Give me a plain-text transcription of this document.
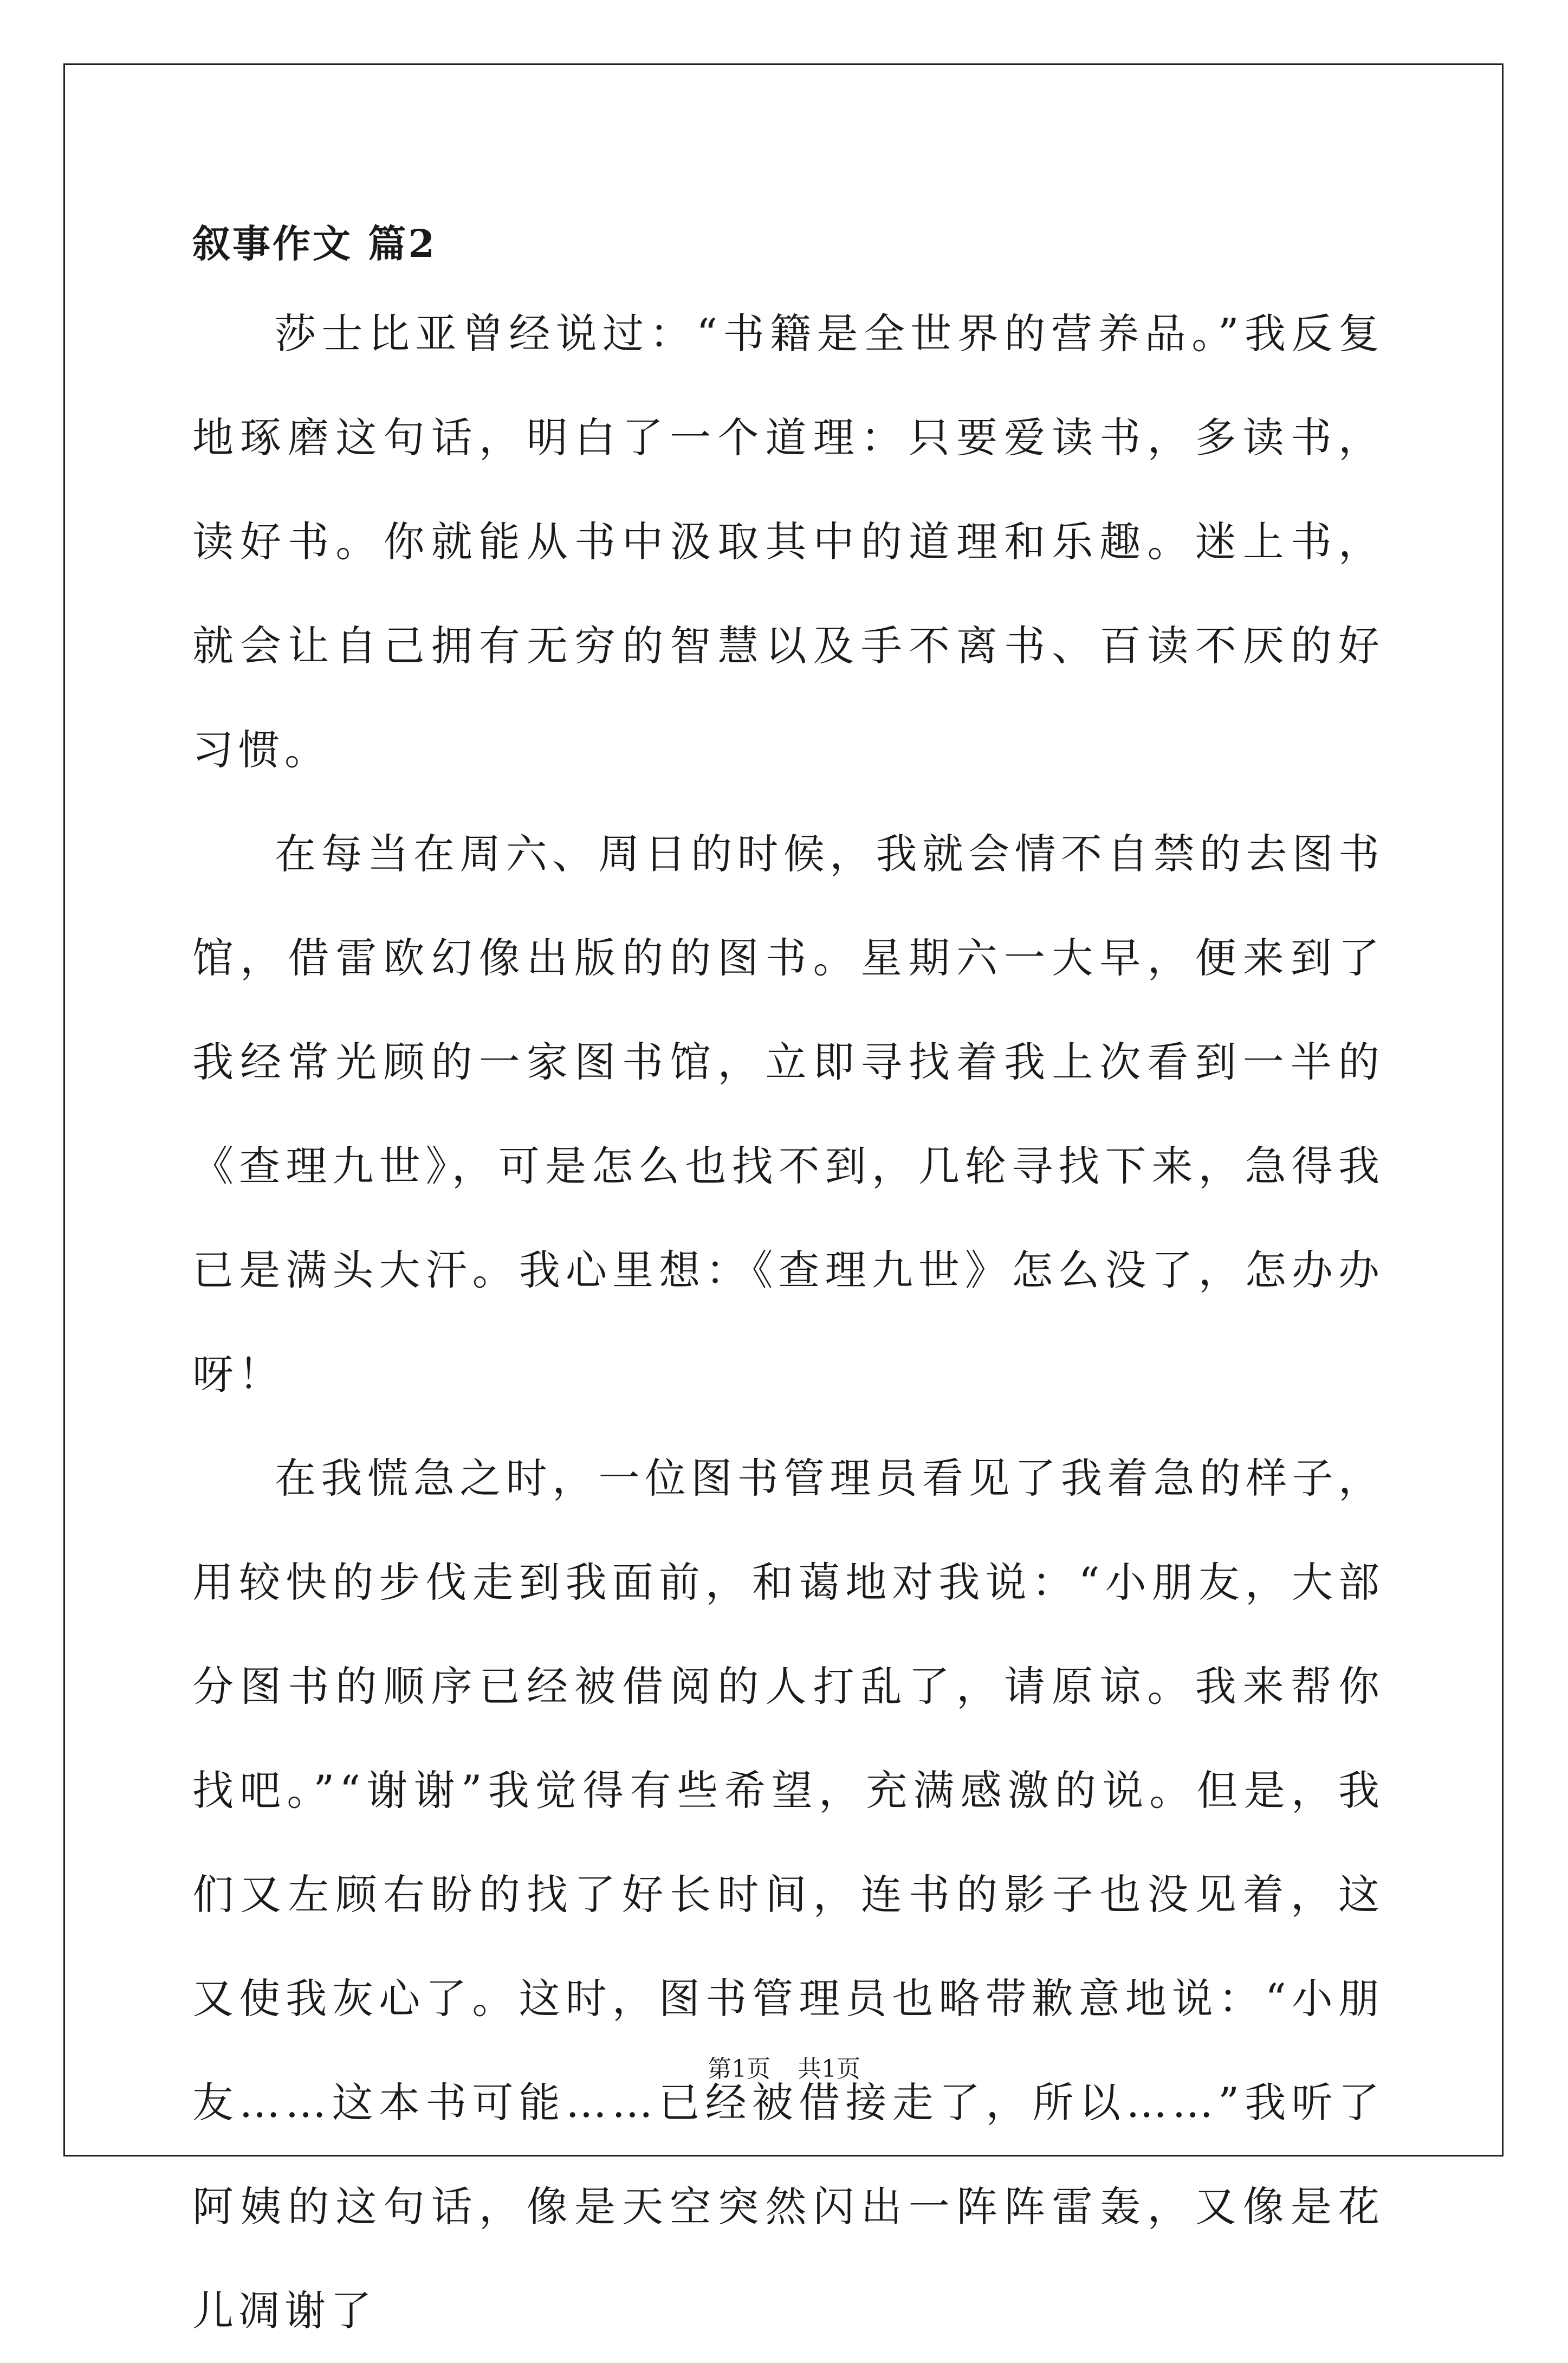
叙事作文 篇2

莎士比亚曾经说过：“书籍是全世界的营养品。”我反复地琢磨这句话，明白了一个道理：只要爱读书，多读书，读好书。你就能从书中汲取其中的道理和乐趣。迷上书，就会让自己拥有无穷的智慧以及手不离书、百读不厌的好习惯。

在每当在周六、周日的时候，我就会情不自禁的去图书馆，借雷欧幻像出版的的图书。星期六一大早，便来到了我经常光顾的一家图书馆，立即寻找着我上次看到一半的《查理九世》，可是怎么也找不到，几轮寻找下来，急得我已是满头大汗。我心里想：《查理九世》怎么没了，怎办办呀！

在我慌急之时，一位图书管理员看见了我着急的样子，用较快的步伐走到我面前，和蔼地对我说：“小朋友，大部分图书的顺序已经被借阅的人打乱了，请原谅。我来帮你找吧。”“谢谢”我觉得有些希望，充满感激的说。但是，我们又左顾右盼的找了好长时间，连书的影子也没见着，这又使我灰心了。这时，图书管理员也略带歉意地说：“小朋友……这本书可能……已经被借接走了，所以……”我听了阿姨的这句话，像是天空突然闪出一阵阵雷轰，又像是花儿凋谢了

第1页 共1页
